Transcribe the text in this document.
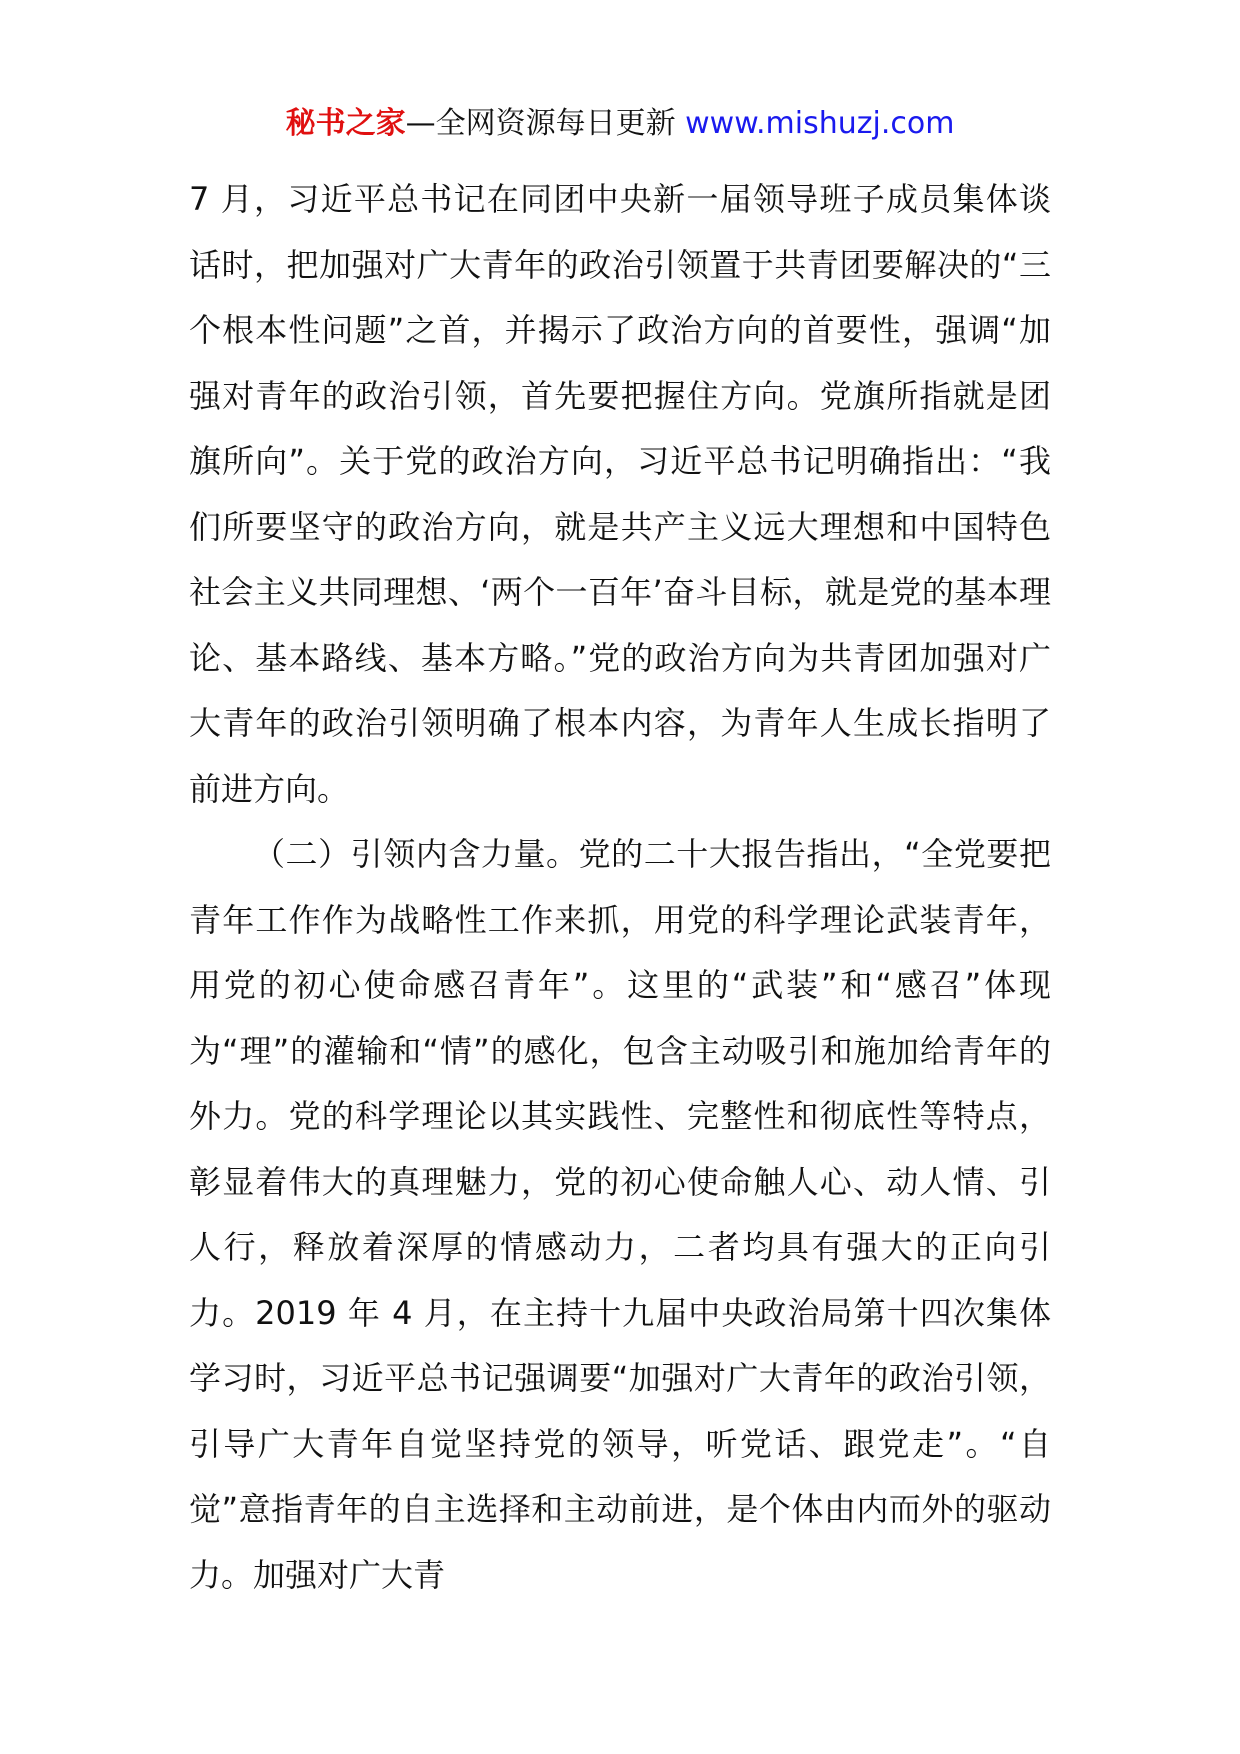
秘书之家—全网资源每日更新 www.mishuzj.com

7 月，习近平总书记在同团中央新一届领导班子成员集体谈话时，把加强对广大青年的政治引领置于共青团要解决的“三个根本性问题”之首，并揭示了政治方向的首要性，强调“加强对青年的政治引领，首先要把握住方向。党旗所指就是团旗所向”。关于党的政治方向，习近平总书记明确指出：“我们所要坚守的政治方向，就是共产主义远大理想和中国特色社会主义共同理想、‘两个一百年’奋斗目标，就是党的基本理论、基本路线、基本方略。”党的政治方向为共青团加强对广大青年的政治引领明确了根本内容，为青年人生成长指明了前进方向。

（二）引领内含力量。党的二十大报告指出，“全党要把青年工作作为战略性工作来抓，用党的科学理论武装青年，用党的初心使命感召青年”。这里的“武装”和“感召”体现为“理”的灌输和“情”的感化，包含主动吸引和施加给青年的外力。党的科学理论以其实践性、完整性和彻底性等特点，彰显着伟大的真理魅力，党的初心使命触人心、动人情、引人行，释放着深厚的情感动力，二者均具有强大的正向引力。2019 年 4 月，在主持十九届中央政治局第十四次集体学习时，习近平总书记强调要“加强对广大青年的政治引领，引导广大青年自觉坚持党的领导，听党话、跟党走”。“自觉”意指青年的自主选择和主动前进，是个体由内而外的驱动力。加强对广大青
